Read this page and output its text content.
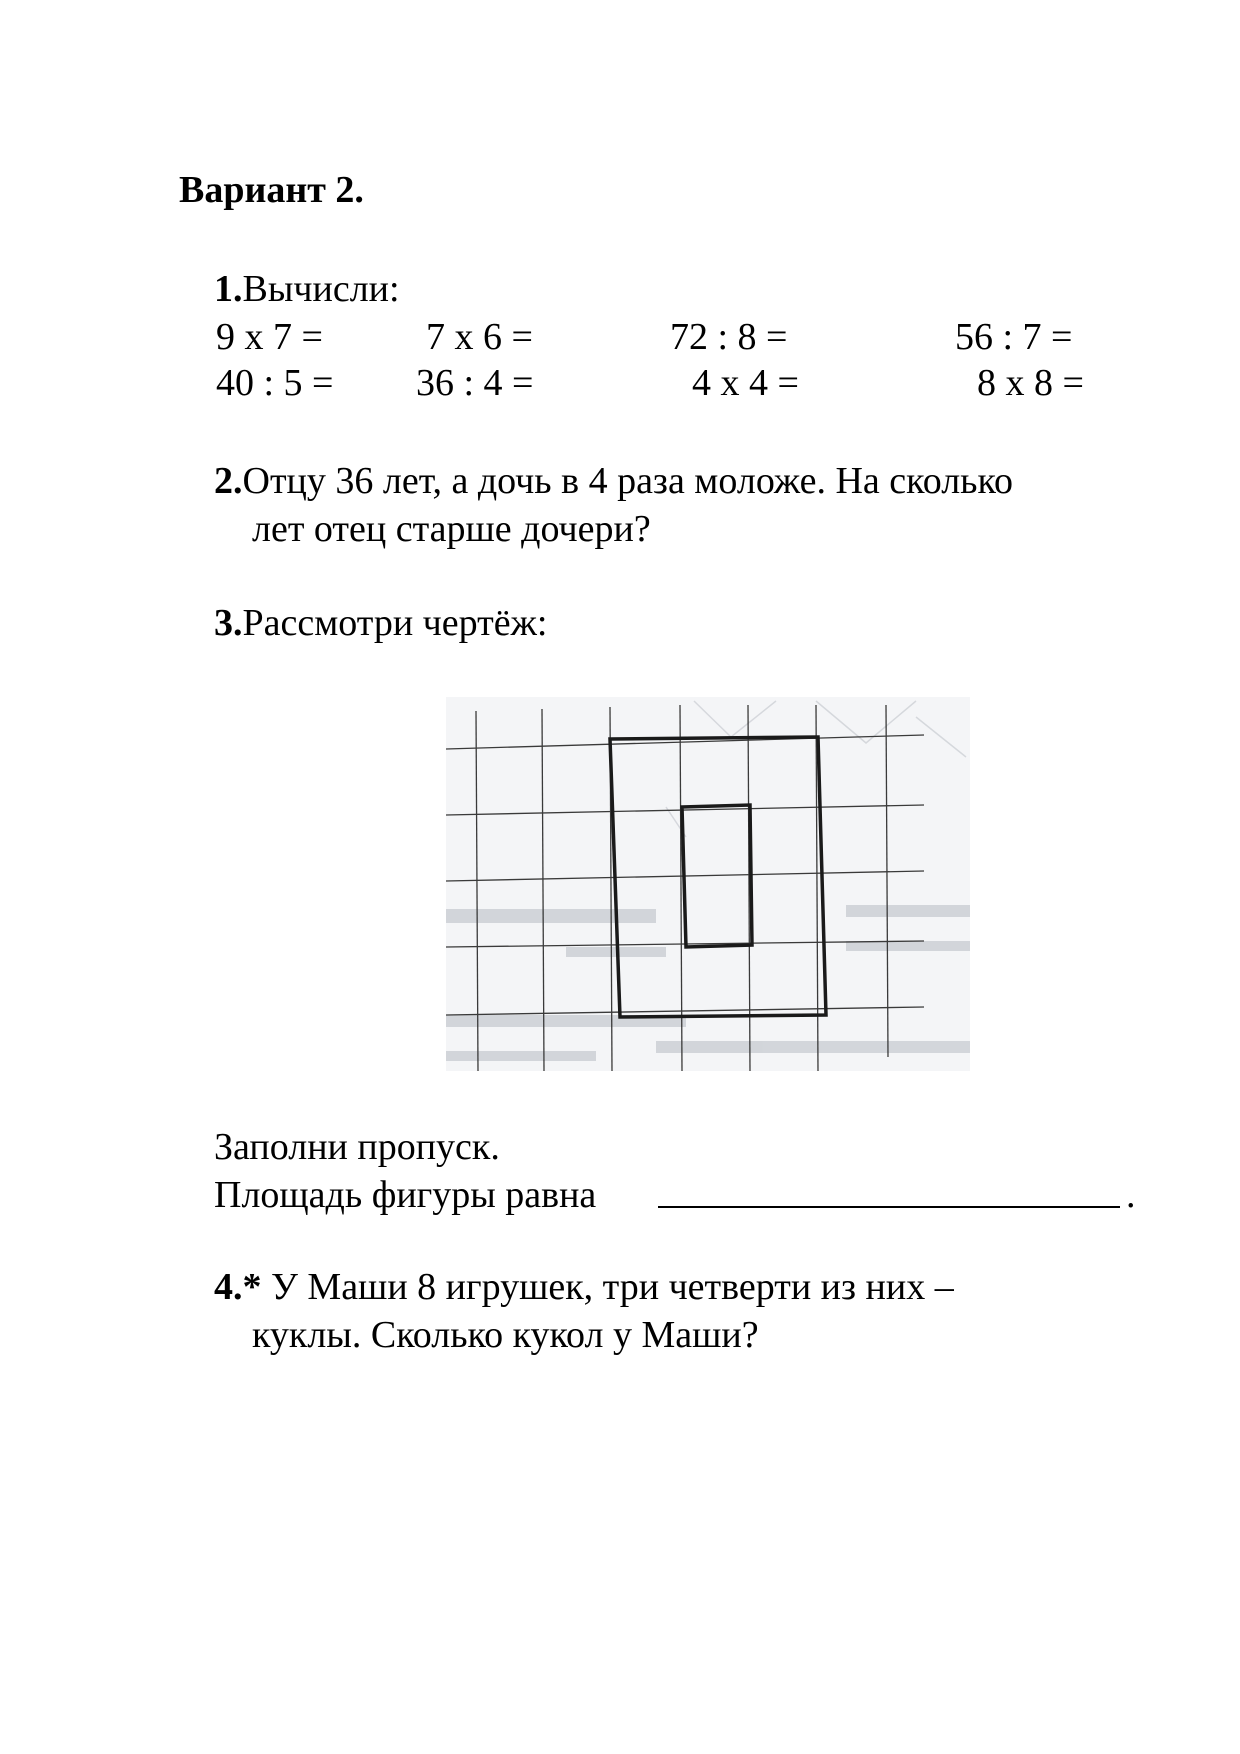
Вариант 2.
1.Вычисли:
9 x 7 =	7 x 6 =	72 : 8 =	56 : 7 =
40 : 5 = 36 : 4 =	4 x 4 =	8 x 8 =
2.Отцу 36 лет, а дочь в 4 раза моложе. На сколько
лет отец старше дочери?
3.Рассмотри чертёж:
Заполни пропуск.
Площадь фигуры равна	.
4.* У Маши 8 игрушек, три четверти из них –
куклы. Сколько кукол у Маши?
